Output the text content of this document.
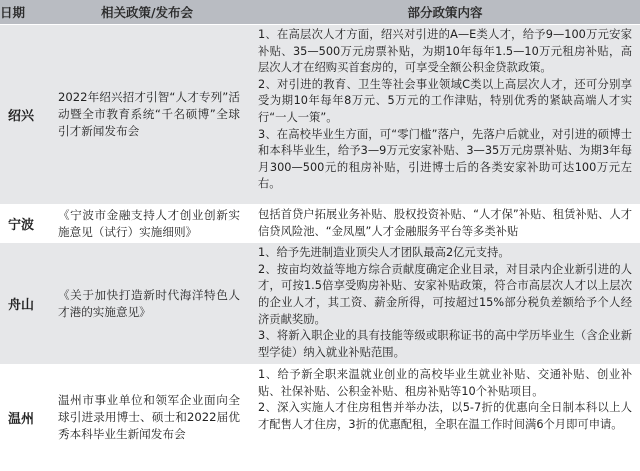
日期	相关政策/发布会	部分政策内容
绍兴	2022年绍兴招才引智“人才专列”活动暨全市教育系统“千名硕博”全球引才新闻发布会	1、在高层次人才方面，绍兴对引进的A—E类人才，给予9—100万元安家补贴、35—500万元房票补贴，为期10年每年1.5—10万元租房补贴，高层次人才在绍购买首套房的，可享受全额公积金贷款政策。

2、对引进的教育、卫生等社会事业领域C类以上高层次人才，还可分别享受为期10年每年8万元、5万元的工作津贴，特别优秀的紧缺高端人才实行“一人一策”。

3、在高校毕业生方面，可“零门槛”落户，先落户后就业，对引进的硕博士和本科毕业生，给予3—9万元安家补贴、3—35万元房票补贴、为期3年每月300—500元的租房补贴，引进博士后的各类安家补助可达100万元左右。

宁波	《宁波市金融支持人才创业创新实施意见（试行）实施细则》	包括首贷户拓展业务补贴、股权投资补贴、“人才保”补贴、租赁补贴、人才信贷风险池、“金凤凰”人才金融服务平台等多类补贴

舟山	《关于加快打造新时代海洋特色人才港的实施意见》	1、给予先进制造业顶尖人才团队最高2亿元支持。

2、按亩均效益等地方综合贡献度确定企业目录，对目录内企业新引进的人才，可按1.5倍享受购房补贴、安家补贴政策，符合市高层次人才以上层次的企业人才，其工资、薪金所得，可按超过15%部分税负差额给予个人经济贡献奖励。

3、将新入职企业的具有技能等级或职称证书的高中学历毕业生（含企业新型学徒）纳入就业补贴范围。

温州	温州市事业单位和领军企业面向全球引进录用博士、硕士和2022届优秀本科毕业生新闻发布会	1、给予新全职来温就业创业的高校毕业生就业补贴、交通补贴、创业补贴、社保补贴、公积金补贴、租房补贴等10个补贴项目。

2、深入实施人才住房租售并举办法，以5-7折的优惠向全日制本科以上人才配售人才住房，3折的优惠配租，全职在温工作时间满6个月即可申请。
